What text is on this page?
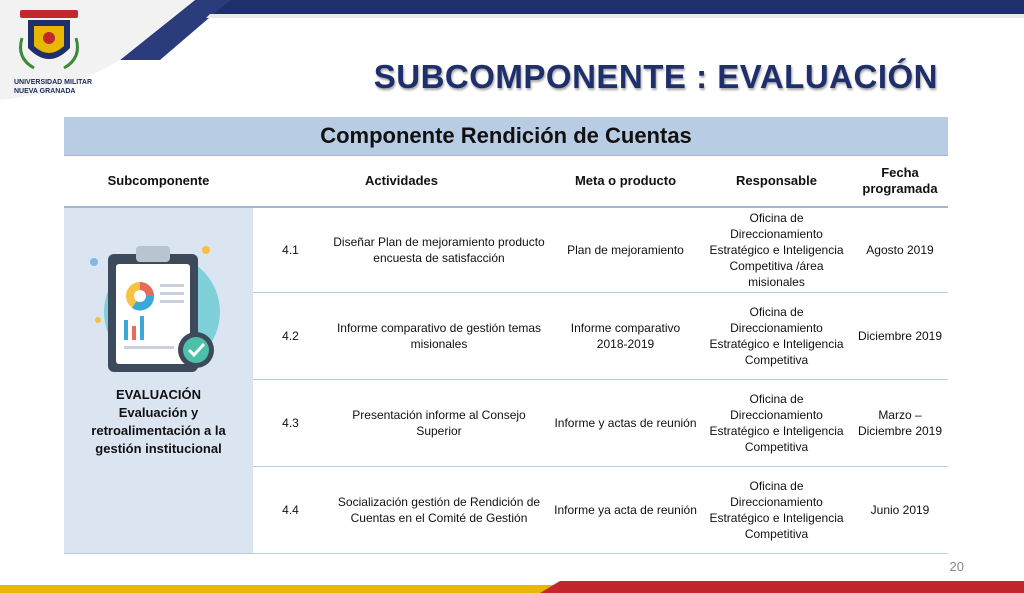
UNIVERSIDAD MILITAR
NUEVA GRANADA	SUBCOMPONENTE : EVALUACIÓN
Componente Rendición de Cuentas					
Subcomponente	Actividades		Meta o producto	Responsable	Fecha programada

EVALUACIÓN
Evaluación y retroalimentación a la gestión institucional	4.1	Diseñar Plan de mejoramiento producto encuesta de satisfacción	Plan de mejoramiento	Oficina de Direccionamiento Estratégico e Inteligencia Competitiva /área misionales	Agosto 2019
	4.2	Informe comparativo de gestión temas misionales	Informe comparativo 2018-2019	Oficina de Direccionamiento Estratégico e Inteligencia Competitiva	Diciembre 2019
	4.3	Presentación informe al Consejo Superior	Informe y actas de reunión	Oficina de Direccionamiento Estratégico e Inteligencia Competitiva	Marzo – Diciembre 2019
	4.4	Socialización gestión de Rendición de Cuentas en el Comité de Gestión	Informe ya acta de reunión	Oficina de Direccionamiento Estratégico e Inteligencia Competitiva	Junio 2019
20
